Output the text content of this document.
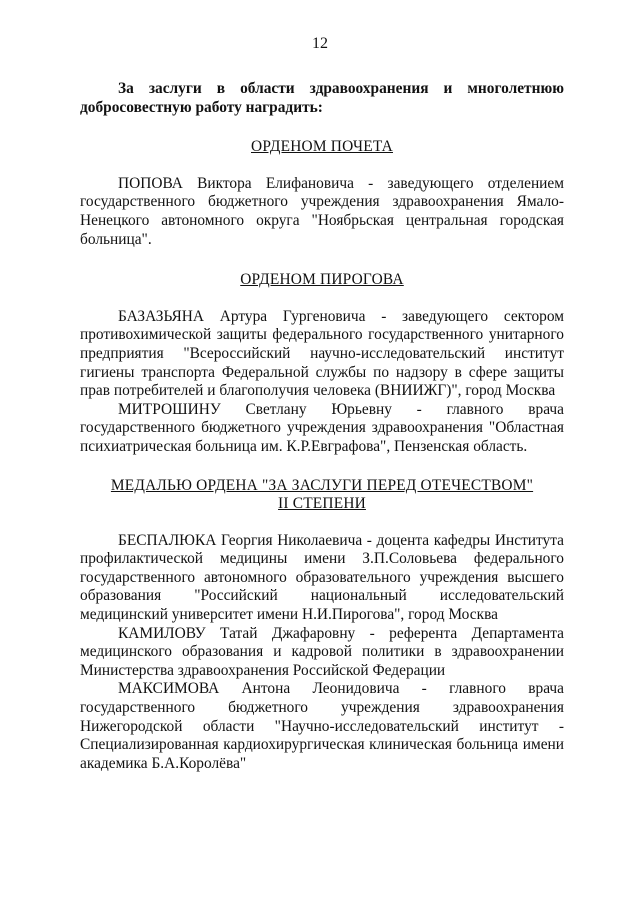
12

За заслуги в области здравоохранения и многолетнюю добросовестную работу наградить:

ОРДЕНОМ ПОЧЕТА

ПОПОВА Виктора Елифановича - заведующего отделением государственного бюджетного учреждения здравоохранения Ямало-Ненецкого автономного округа "Ноябрьская центральная городская больница".

ОРДЕНОМ ПИРОГОВА

БАЗАЗЬЯНА Артура Гургеновича - заведующего сектором противохимической защиты федерального государственного унитарного предприятия "Всероссийский научно-исследовательский институт гигиены транспорта Федеральной службы по надзору в сфере защиты прав потребителей и благополучия человека (ВНИИЖГ)", город Москва

МИТРОШИНУ Светлану Юрьевну - главного врача государственного бюджетного учреждения здравоохранения "Областная психиатрическая больница им. К.Р.Евграфова", Пензенская область.

МЕДАЛЬЮ ОРДЕНА "ЗА ЗАСЛУГИ ПЕРЕД ОТЕЧЕСТВОМ"
II СТЕПЕНИ

БЕСПАЛЮКА Георгия Николаевича - доцента кафедры Института профилактической медицины имени З.П.Соловьева федерального государственного автономного образовательного учреждения высшего образования "Российский национальный исследовательский медицинский университет имени Н.И.Пирогова", город Москва

КАМИЛОВУ Татай Джафаровну - референта Департамента медицинского образования и кадровой политики в здравоохранении Министерства здравоохранения Российской Федерации

МАКСИМОВА Антона Леонидовича - главного врача государственного бюджетного учреждения здравоохранения Нижегородской области "Научно-исследовательский институт - Специализированная кардиохирургическая клиническая больница имени академика Б.А.Королёва"
